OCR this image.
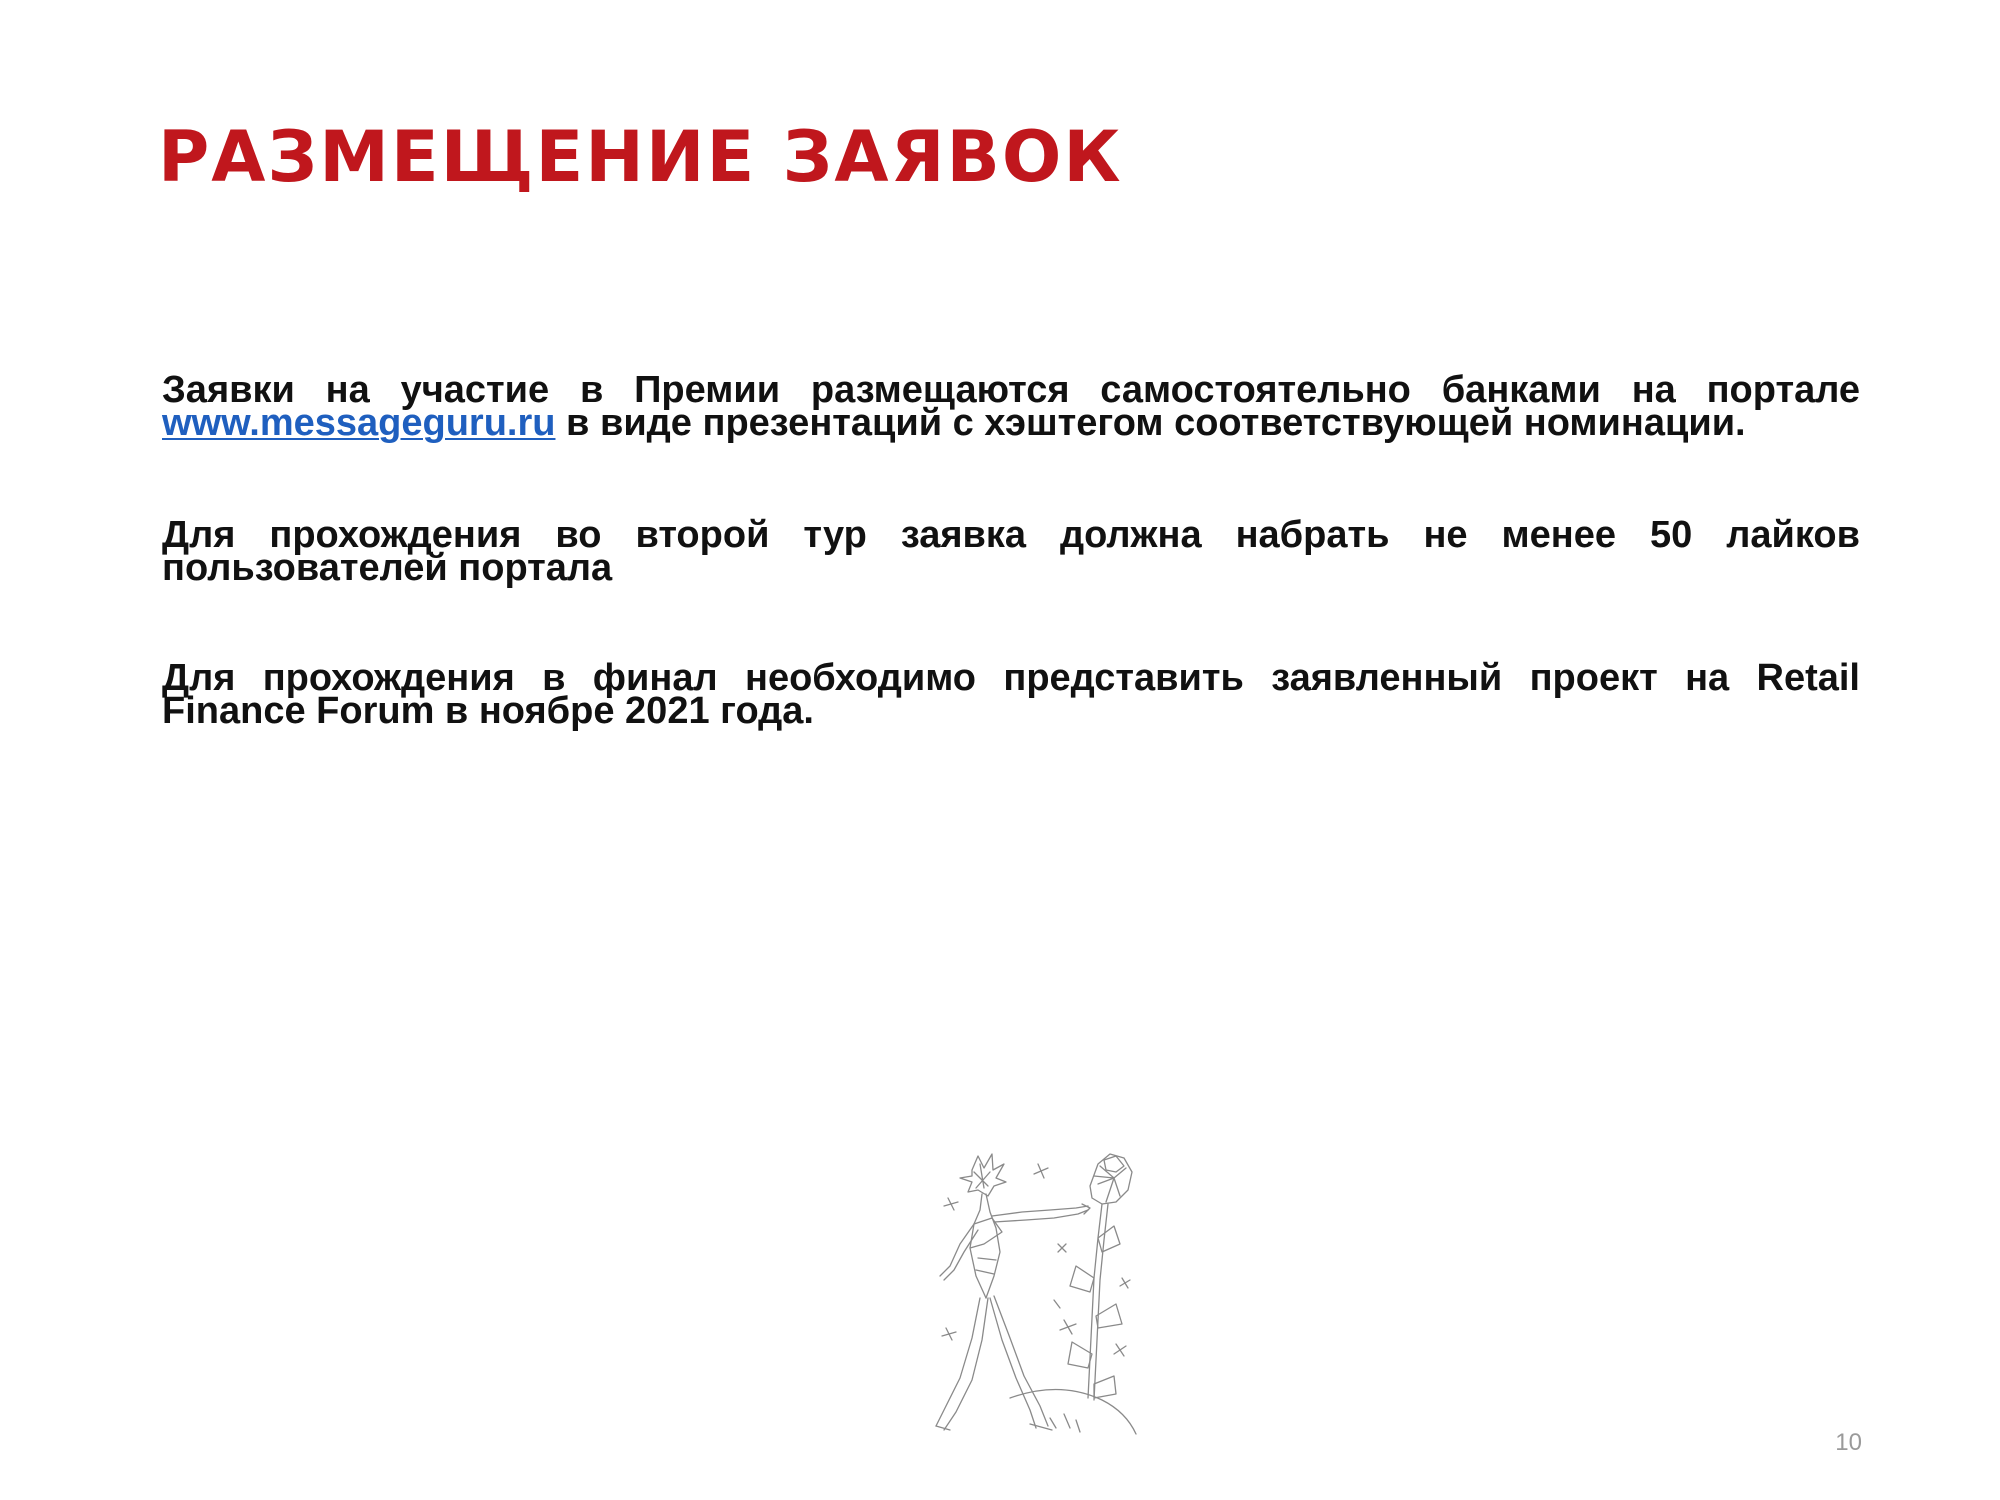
РАЗМЕЩЕНИЕ ЗАЯВОК

Заявки на участие в Премии размещаются самостоятельно банками на портале www.messageguru.ru в виде презентаций с хэштегом соответствующей номинации.

Для прохождения во второй тур заявка должна набрать не менее 50 лайков пользователей портала

Для прохождения в финал необходимо представить заявленный проект на Retail Finance Forum в ноябре 2021 года.

10
